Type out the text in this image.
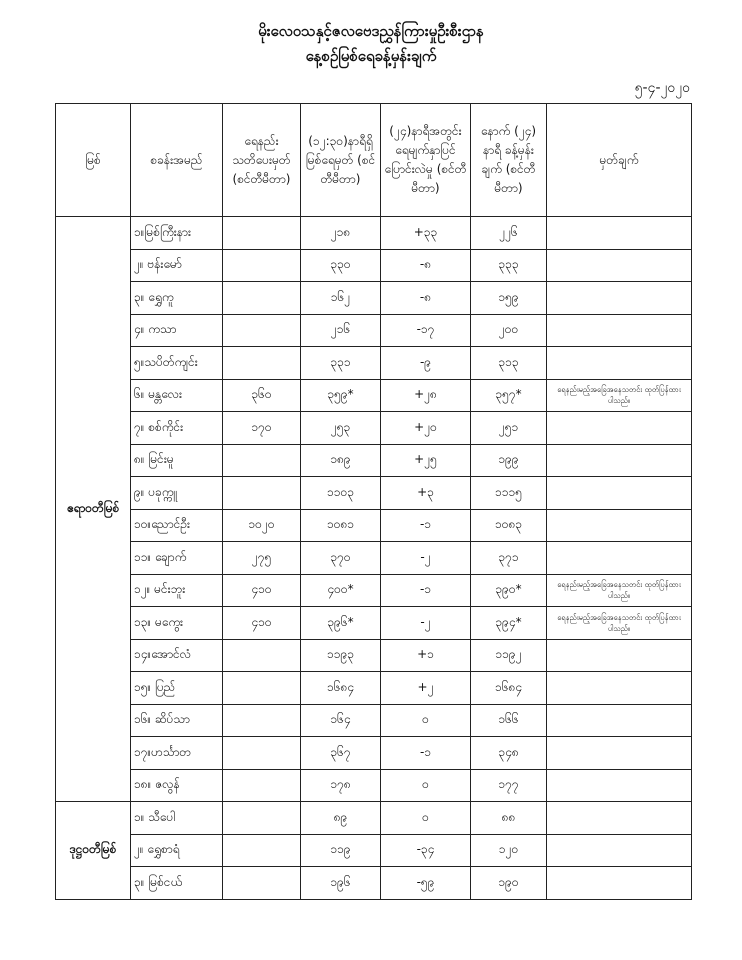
မိုးလေဝသနှင့်ဇလဗေဒညွှန်ကြားမှုဦးစီးဌာန
နေ့စဉ်မြစ်ရေခန့်မှန်းချက်
၅-၄-၂၀၂၀
မြစ်	စခန်းအမည်	ရေနည်း သတိပေးမှတ် (စင်တီမီတာ)	(၁၂:၃၀)နာရီရှိ မြစ်ရေမှတ် (စင်တီမီတာ)	(၂၄)နာရီအတွင်း ရေမျက်နှာပြင် ပြောင်းလဲမှု (စင်တီမီတာ)	နောက် (၂၄) နာရီ ခန့်မှန်းချက် (စင်တီမီတာ)	မှတ်ချက်
ဧရာဝတီမြစ်	၁။မြစ်ကြီးနား		၂၁၈	+၃၃	၂၂၆	
	၂။ ဗန်းမော်		၃၃၀	-၈	၃၃၃	
	၃။ ရွှေကူ		၁၆၂	-၈	၁၅၉	
	၄။ ကသာ		၂၁၆	-၁၇	၂၀၀	
	၅။သပိတ်ကျင်း		၃၃၁	-၉	၃၁၃	
	၆။ မန္တလေး	၃၆၀	၃၅၉*	+၂၈	၃၅၇*	ရေနည်းမည့်အခြေအနေသတင်း ထုတ်ပြန်ထားပါသည်။
	၇။ စစ်ကိုင်း	၁၇၀	၂၅၃	+၂၀	၂၅၁	
	၈။ မြင်းမူ		၁၈၉	+၂၅	၁၉၉	
	၉။ ပခုက္ကူ		၁၁၀၃	+၃	၁၁၁၅	
	၁၀။ညောင်ဦး	၁၀၂၀	၁၀၈၁	-၁	၁၀၈၃	
	၁၁။ ချောက်	၂၇၅	၃၇၀	-၂	၃၇၁	
	၁၂။ မင်းဘူး	၄၁၀	၄၀၀*	-၁	၃၉၀*	ရေနည်းမည့်အခြေအနေသတင်း ထုတ်ပြန်ထားပါသည်။
	၁၃။ မကွေး	၄၁၀	၃၉၆*	-၂	၃၉၄*	ရေနည်းမည့်အခြေအနေသတင်း ထုတ်ပြန်ထားပါသည်။
	၁၄။အောင်လံ		၁၁၉၃	+၁	၁၁၉၂	
	၁၅။ ပြည်		၁၆၈၄	+၂	၁၆၈၄	
	၁၆။ ဆိပ်သာ		၁၆၄	၀	၁၆၆	
	၁၇။ဟင်္သာတ		၃၆၇	-၁	၃၄၈	
	၁၈။ ဇလွန်		၁၇၈	၀	၁၇၇	
ဒုဋ္ဌဝတီမြစ်	၁။ သီပေါ		၈၉	၀	၈၈	
	၂။ ရွှေစာရံ		၁၁၉	-၃၄	၁၂၀	
	၃။ မြစ်ငယ်		၁၉၆	-၅၉	၁၉၀	
